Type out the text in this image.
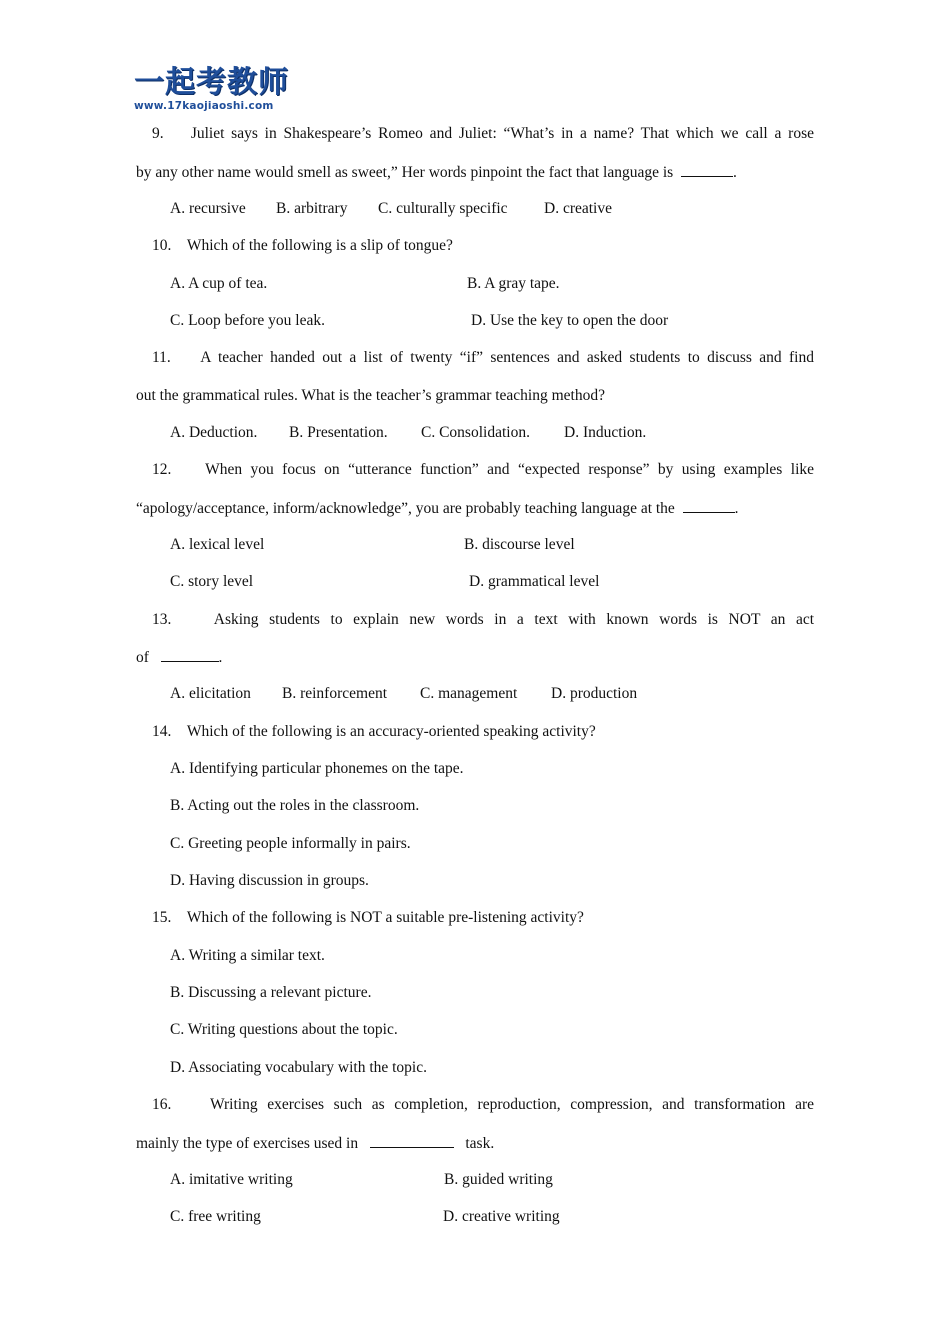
一起考教师
www.17kaojiaoshi.com
9. Juliet says in Shakespeare’s Romeo and Juliet: “What’s in a name? That which we call a rose
by any other name would smell as sweet,” Her words pinpoint the fact that language is	.
A. recursive B. arbitrary C. culturally specific D. creative
10. Which of the following is a slip of tongue?
A. A cup of tea.	B. A gray tape.
C. Loop before you leak.	D. Use the key to open the door
11. A teacher handed out a list of twenty “if” sentences and asked students to discuss and find
out the grammatical rules. What is the teacher’s grammar teaching method?
A. Deduction. B. Presentation. C. Consolidation. D. Induction.
12. When you focus on “utterance function” and “expected response” by using examples like
“apology/acceptance, inform/acknowledge”, you are probably teaching language at the	.
A. lexical level	B. discourse level
C. story level	D. grammatical level
13.	Asking students to explain new words in a text with known words is NOT an act
of	.
A. elicitation B. reinforcement C. management D. production
14. Which of the following is an accuracy-oriented speaking activity?
A. Identifying particular phonemes on the tape.
B. Acting out the roles in the classroom.
C. Greeting people informally in pairs.
D. Having discussion in groups.
15. Which of the following is NOT a suitable pre-listening activity?
A. Writing a similar text.
B. Discussing a relevant picture.
C. Writing questions about the topic.
D. Associating vocabulary with the topic.
16. Writing exercises such as completion, reproduction, compression, and transformation are
mainly the type of exercises used in	task.
A. imitative writing	B. guided writing
C. free writing	D. creative writing
